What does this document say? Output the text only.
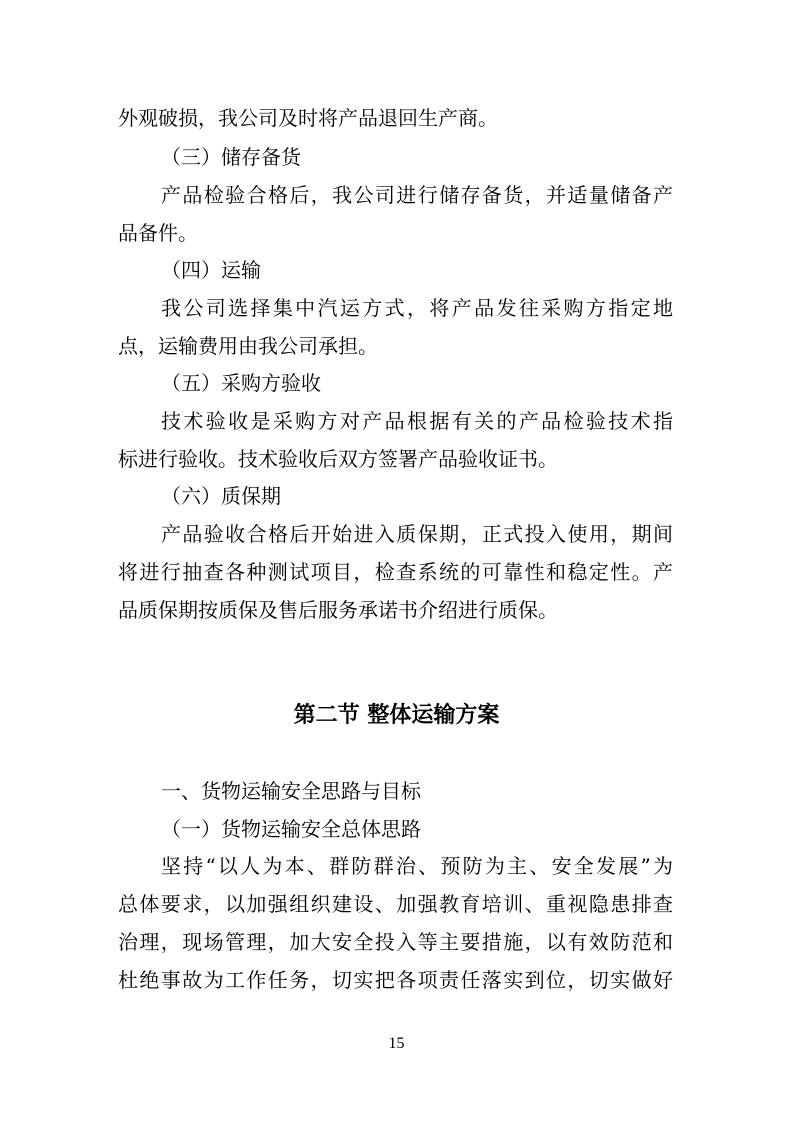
外观破损，我公司及时将产品退回生产商。
（三）储存备货
产品检验合格后，我公司进行储存备货，并适量储备产
品备件。
（四）运输
我公司选择集中汽运方式，将产品发往采购方指定地
点，运输费用由我公司承担。
（五）采购方验收
技术验收是采购方对产品根据有关的产品检验技术指
标进行验收。技术验收后双方签署产品验收证书。
（六）质保期
产品验收合格后开始进入质保期，正式投入使用，期间
将进行抽查各种测试项目，检查系统的可靠性和稳定性。产
品质保期按质保及售后服务承诺书介绍进行质保。
第二节 整体运输方案
一、货物运输安全思路与目标
（一）货物运输安全总体思路
坚持“以人为本、群防群治、预防为主、安全发展”为
总体要求，以加强组织建设、加强教育培训、重视隐患排查
治理，现场管理，加大安全投入等主要措施，以有效防范和
杜绝事故为工作任务，切实把各项责任落实到位，切实做好
15
